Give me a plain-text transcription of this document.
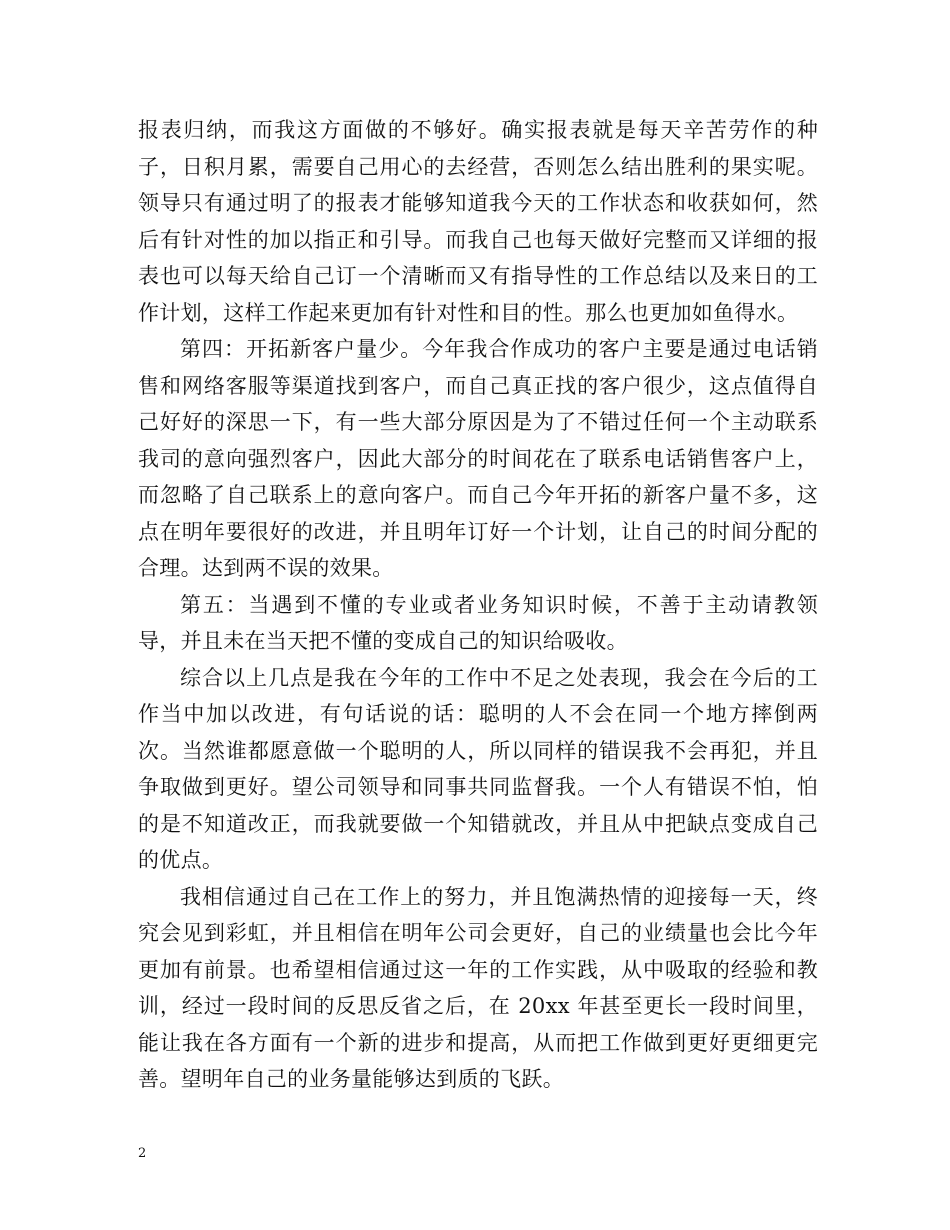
报表归纳，而我这方面做的不够好。确实报表就是每天辛苦劳作的种子，日积月累，需要自己用心的去经营，否则怎么结出胜利的果实呢。领导只有通过明了的报表才能够知道我今天的工作状态和收获如何，然后有针对性的加以指正和引导。而我自己也每天做好完整而又详细的报表也可以每天给自己订一个清晰而又有指导性的工作总结以及来日的工作计划，这样工作起来更加有针对性和目的性。那么也更加如鱼得水。

第四：开拓新客户量少。今年我合作成功的客户主要是通过电话销售和网络客服等渠道找到客户，而自己真正找的客户很少，这点值得自己好好的深思一下，有一些大部分原因是为了不错过任何一个主动联系我司的意向强烈客户，因此大部分的时间花在了联系电话销售客户上，而忽略了自己联系上的意向客户。而自己今年开拓的新客户量不多，这点在明年要很好的改进，并且明年订好一个计划，让自己的时间分配的合理。达到两不误的效果。

第五：当遇到不懂的专业或者业务知识时候，不善于主动请教领导，并且未在当天把不懂的变成自己的知识给吸收。

综合以上几点是我在今年的工作中不足之处表现，我会在今后的工作当中加以改进，有句话说的话：聪明的人不会在同一个地方摔倒两次。当然谁都愿意做一个聪明的人，所以同样的错误我不会再犯，并且争取做到更好。望公司领导和同事共同监督我。一个人有错误不怕，怕的是不知道改正，而我就要做一个知错就改，并且从中把缺点变成自己的优点。

我相信通过自己在工作上的努力，并且饱满热情的迎接每一天，终究会见到彩虹，并且相信在明年公司会更好，自己的业绩量也会比今年更加有前景。也希望相信通过这一年的工作实践，从中吸取的经验和教训，经过一段时间的反思反省之后，在 20xx 年甚至更长一段时间里，能让我在各方面有一个新的进步和提高，从而把工作做到更好更细更完善。望明年自己的业务量能够达到质的飞跃。

2
